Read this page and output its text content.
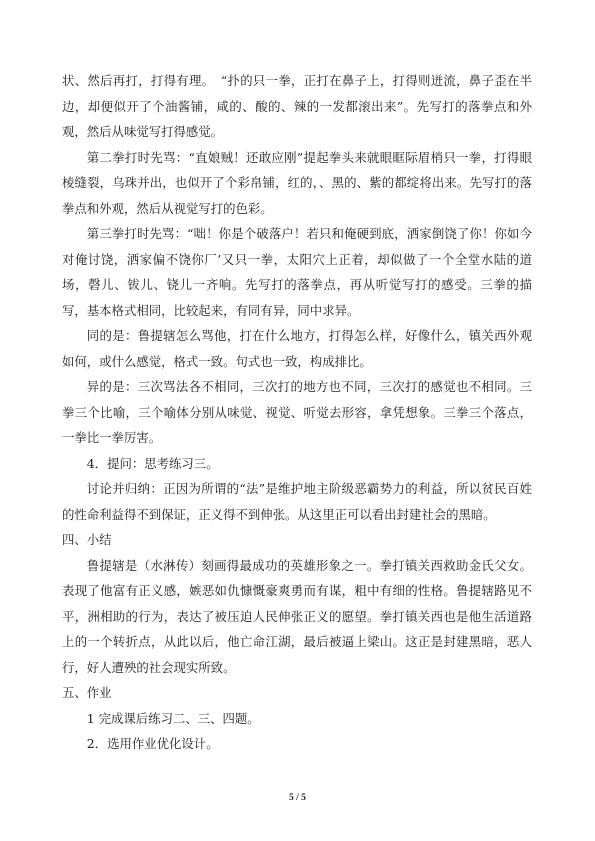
状、然后再打，打得有理。　“扑的只一拳，正打在鼻子上，打得则迸流，鼻子歪在半边，却便似开了个油酱铺，咸的、酸的、辣的一发都滚出来”。先写打的落拳点和外观，然后从味觉写打得感觉。

第二拳打时先骂：“直娘贼！还敢应刚”提起拳头来就眼眶际眉梢只一拳，打得眼棱缝裂，乌珠并出，也似开了个彩帛铺，红的，、黑的、紫的都绽将出来。先写打的落拳点和外观，然后从视觉写打的色彩。

第三拳打时先骂：“咄！你是个破落户！若只和俺硬到底，洒家倒饶了你！你如今对俺讨饶，洒家偏不饶你厂’又只一拳，太阳穴上正着，却似做了一个全堂水陆的道场，磬儿、钹儿、铙儿一齐响。先写打的落拳点，再从听觉写打的感受。三拳的描写，基本格式相同，比较起来，有同有异，同中求异。

同的是：鲁提辖怎么骂他，打在什么地方，打得怎么样，好像什么，镇关西外观如何，或什么感觉，格式一致。句式也一致，构成排比。

异的是：三次骂法各不相同，三次打的地方也不同，三次打的感觉也不相同。三拳三个比喻，三个喻体分别从味觉、视觉、听觉去形容，拿凭想象。三拳三个落点，一拳比一拳厉害。

4．提问：思考练习三。

讨论并归纳：正因为所谓的“法”是维护地主阶级恶霸势力的利益，所以贫民百姓的性命利益得不到保证，正义得不到伸张。从这里正可以看出封建社会的黑暗。

四、小结

鲁提辖是（水淋传）刻画得最成功的英雄形象之一。拳打镇关西救助金氏父女。表现了他富有正义感，嫉恶如仇慷慨豪爽勇而有谋，粗中有细的性格。鲁提辖路见不平，洲相助的行为，表达了被压迫人民伸张正义的愿望。拳打镇关西也是他生活道路上的一个转折点，从此以后，他亡命江湖，最后被逼上梁山。这正是封建黑暗，恶人行，好人遭殃的社会现实所致。

五、作业

1 完成课后练习二、三、四题。

2．选用作业优化设计。

5 / 5
